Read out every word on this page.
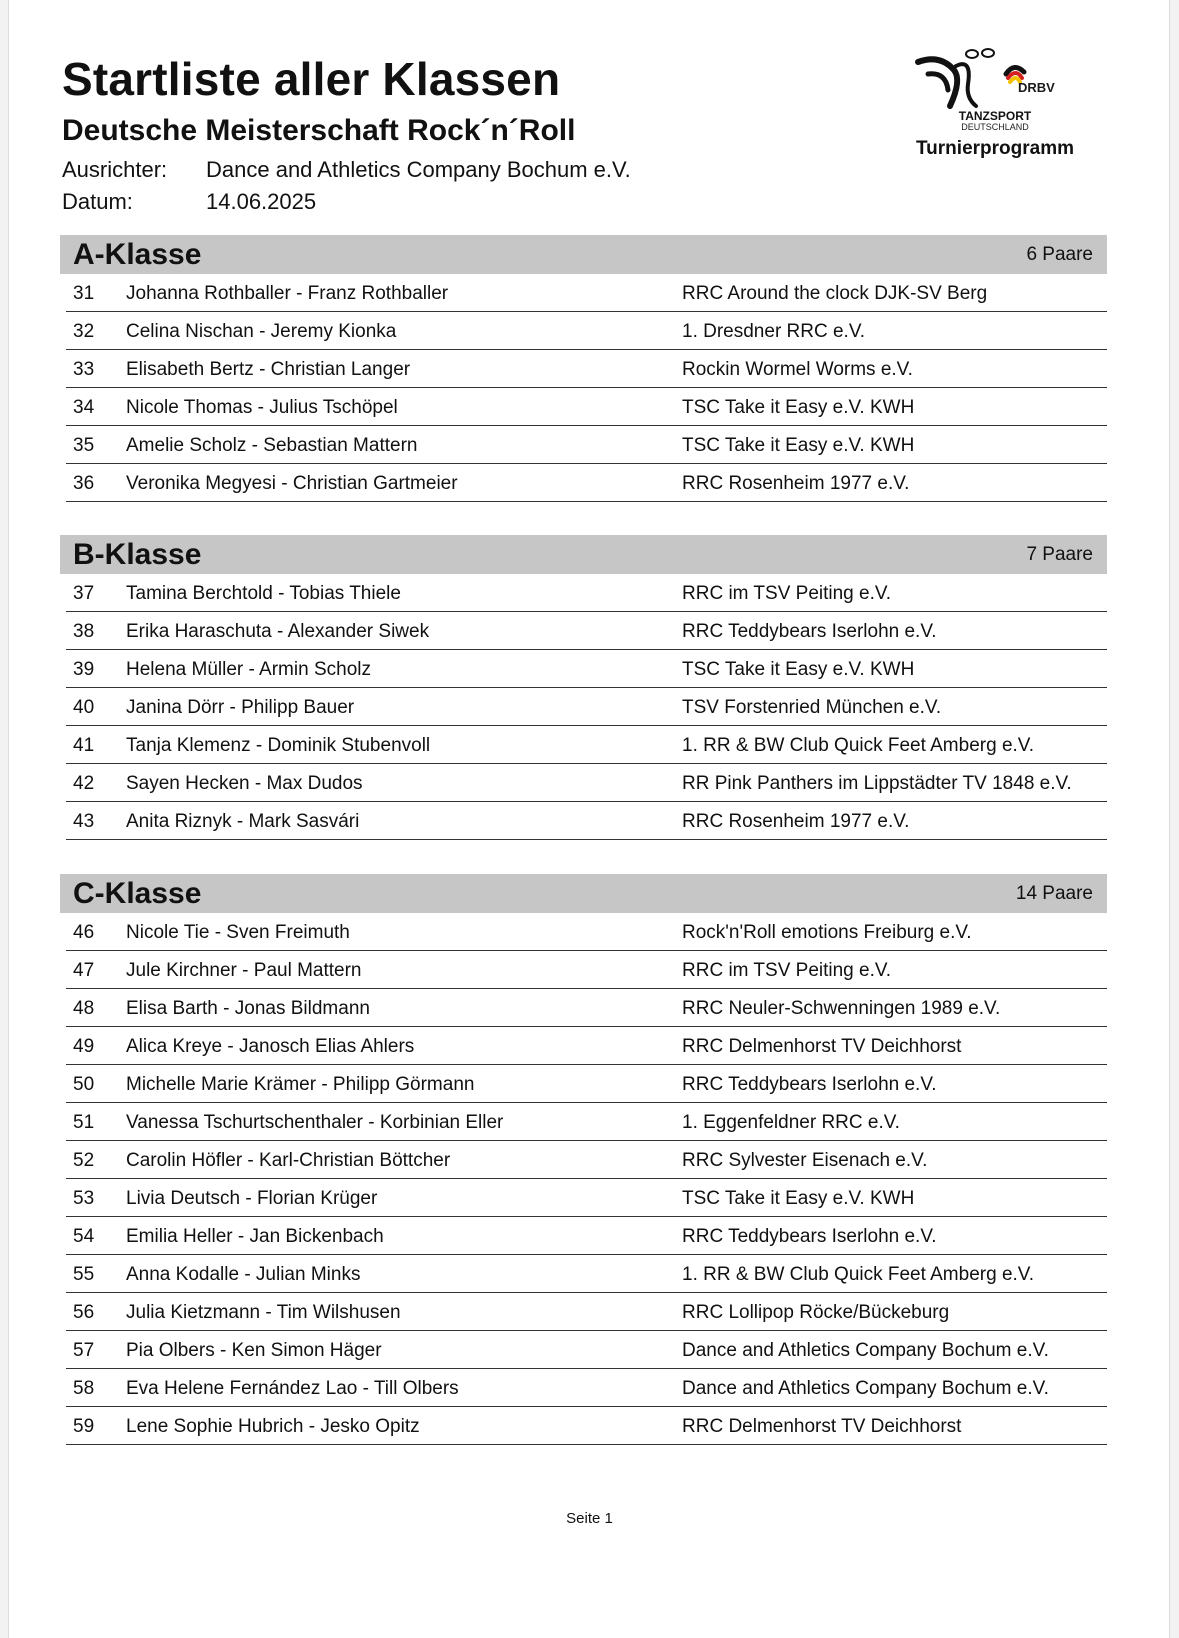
Startliste aller Klassen
Deutsche Meisterschaft Rock´n´Roll
Ausrichter: Dance and Athletics Company Bochum e.V.
Datum:	14.06.2025
DRBV
TANZSPORT
DEUTSCHLAND
Turnierprogramm
A-Klasse	6 Paare
31 Johanna Rothballer - Franz Rothballer	RRC Around the clock DJK-SV Berg
32 Celina Nischan - Jeremy Kionka	1. Dresdner RRC e.V.
33 Elisabeth Bertz - Christian Langer	Rockin Wormel Worms e.V.
34 Nicole Thomas - Julius Tschöpel	TSC Take it Easy e.V. KWH
35 Amelie Scholz - Sebastian Mattern	TSC Take it Easy e.V. KWH
36 Veronika Megyesi - Christian Gartmeier	RRC Rosenheim 1977 e.V.
B-Klasse	7 Paare
37 Tamina Berchtold - Tobias Thiele	RRC im TSV Peiting e.V.
38 Erika Haraschuta - Alexander Siwek	RRC Teddybears Iserlohn e.V.
39 Helena Müller - Armin Scholz	TSC Take it Easy e.V. KWH
40 Janina Dörr - Philipp Bauer	TSV Forstenried München e.V.
41 Tanja Klemenz - Dominik Stubenvoll	1. RR & BW Club Quick Feet Amberg e.V.
42 Sayen Hecken - Max Dudos	RR Pink Panthers im Lippstädter TV 1848 e.V.
43 Anita Riznyk - Mark Sasvári	RRC Rosenheim 1977 e.V.
C-Klasse	14 Paare
46 Nicole Tie - Sven Freimuth	Rock'n'Roll emotions Freiburg e.V.
47 Jule Kirchner - Paul Mattern	RRC im TSV Peiting e.V.
48 Elisa Barth - Jonas Bildmann	RRC Neuler-Schwenningen 1989 e.V.
49 Alica Kreye - Janosch Elias Ahlers	RRC Delmenhorst TV Deichhorst
50 Michelle Marie Krämer - Philipp Görmann	RRC Teddybears Iserlohn e.V.
51 Vanessa Tschurtschenthaler - Korbinian Eller	1. Eggenfeldner RRC e.V.
52 Carolin Höfler - Karl-Christian Böttcher	RRC Sylvester Eisenach e.V.
53 Livia Deutsch - Florian Krüger	TSC Take it Easy e.V. KWH
54 Emilia Heller - Jan Bickenbach	RRC Teddybears Iserlohn e.V.
55 Anna Kodalle - Julian Minks	1. RR & BW Club Quick Feet Amberg e.V.
56 Julia Kietzmann - Tim Wilshusen	RRC Lollipop Röcke/Bückeburg
57 Pia Olbers - Ken Simon Häger	Dance and Athletics Company Bochum e.V.
58 Eva Helene Fernández Lao - Till Olbers	Dance and Athletics Company Bochum e.V.
59 Lene Sophie Hubrich - Jesko Opitz	RRC Delmenhorst TV Deichhorst
Seite 1
